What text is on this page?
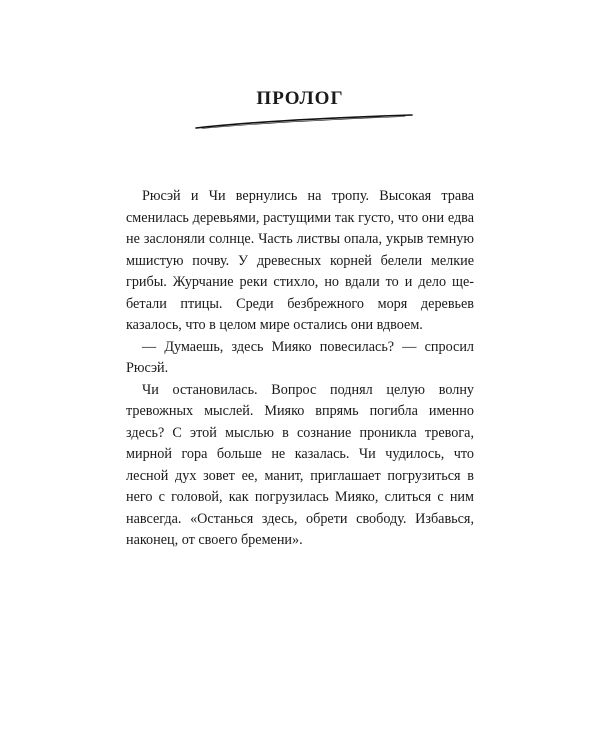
ПРОЛОГ

Рюсэй и Чи вернулись на тропу. Высокая трава сменилась деревьями, растущими так густо, что они едва не заслоняли солнце. Часть листвы опала, укрыв темную мшистую почву. У древесных корней белели мелкие грибы. Журчание реки стихло, но вдали то и дело щебетали птицы. Среди безбрежного моря деревьев казалось, что в целом мире остались они вдвоем.

— Думаешь, здесь Мияко повесилась? — спросил Рюсэй.

Чи остановилась. Вопрос поднял целую волну тревожных мыслей. Мияко впрямь погибла именно здесь? С этой мыслью в сознание проникла тревога, мирной гора больше не казалась. Чи чудилось, что лесной дух зовет ее, манит, приглашает погрузиться в него с головой, как погрузилась Мияко, слиться с ним навсегда. «Останься здесь, обрети свободу. Избавься, наконец, от своего бремени».
